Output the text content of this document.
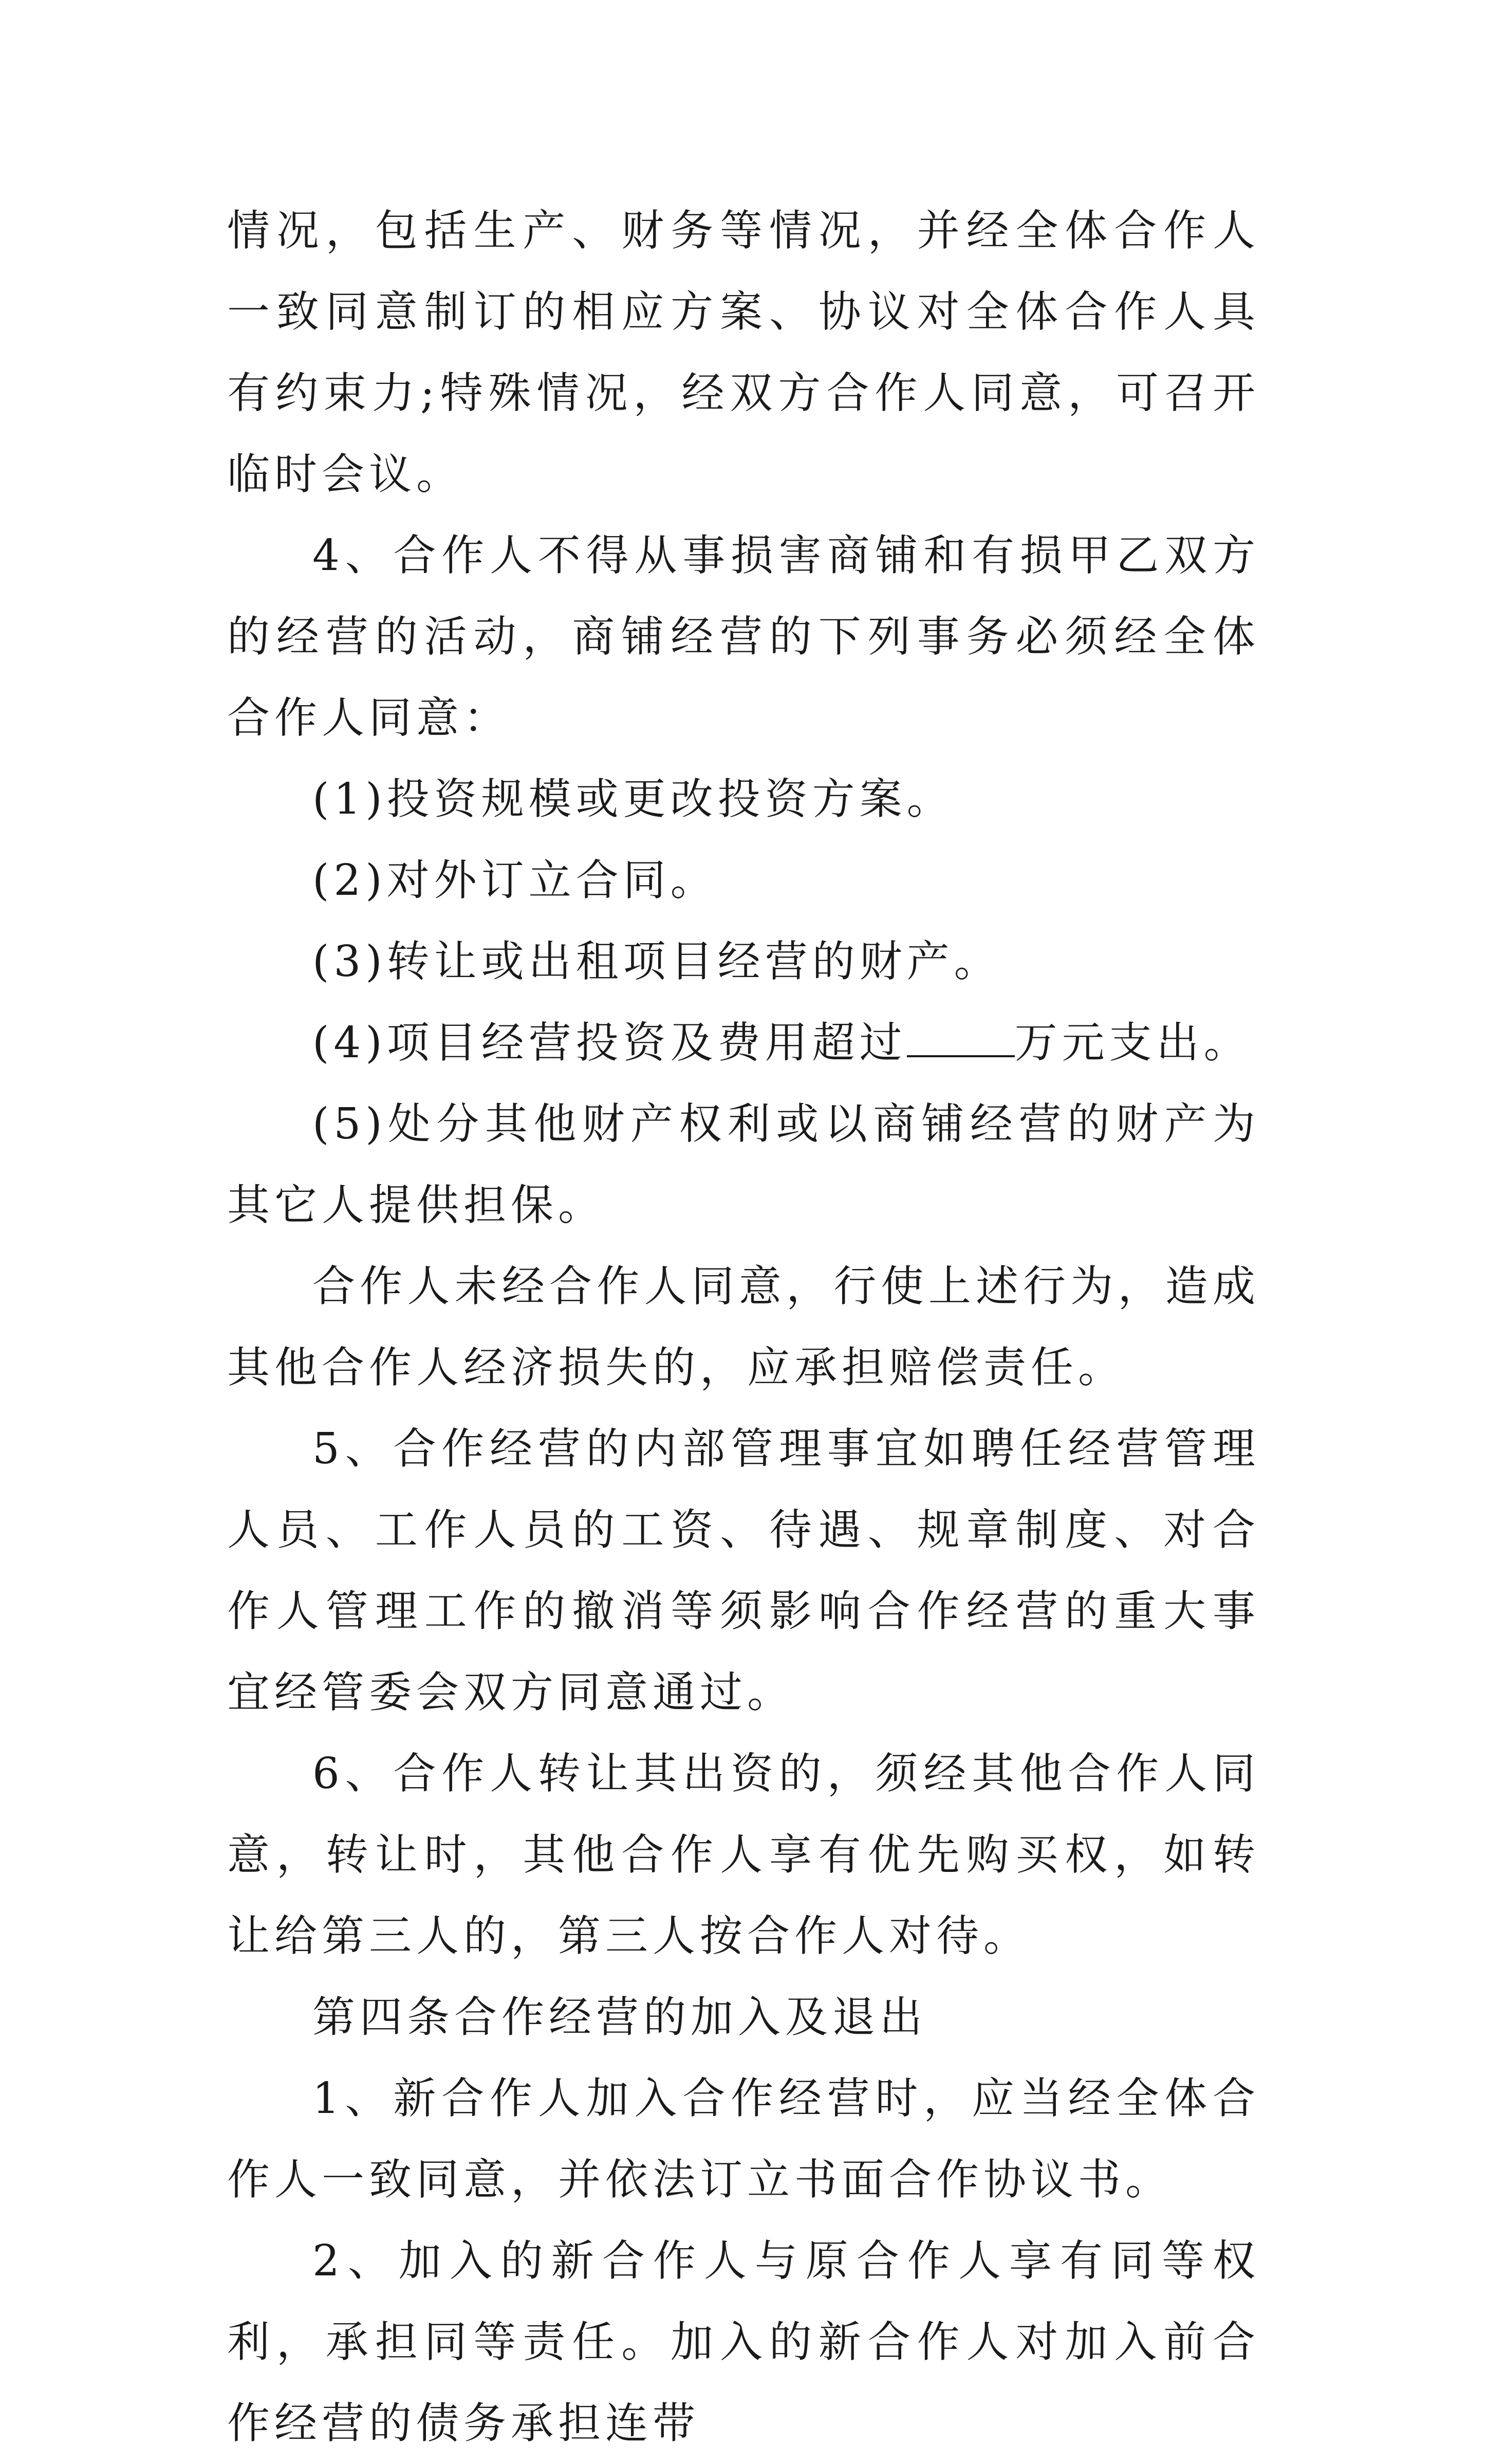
情况，包括生产、财务等情况，并经全体合作人一致同意制订的相应方案、协议对全体合作人具有约束力;特殊情况，经双方合作人同意，可召开临时会议。

4、合作人不得从事损害商铺和有损甲乙双方的经营的活动，商铺经营的下列事务必须经全体合作人同意：

(1)投资规模或更改投资方案。

(2)对外订立合同。

(3)转让或出租项目经营的财产。

(4)项目经营投资及费用超过	万元支出。

(5)处分其他财产权利或以商铺经营的财产为其它人提供担保。

合作人未经合作人同意，行使上述行为，造成其他合作人经济损失的，应承担赔偿责任。

5、合作经营的内部管理事宜如聘任经营管理人员、工作人员的工资、待遇、规章制度、对合作人管理工作的撤消等须影响合作经营的重大事宜经管委会双方同意通过。

6、合作人转让其出资的，须经其他合作人同意，转让时，其他合作人享有优先购买权，如转让给第三人的，第三人按合作人对待。

第四条合作经营的加入及退出

1、新合作人加入合作经营时，应当经全体合作人一致同意，并依法订立书面合作协议书。

2、加入的新合作人与原合作人享有同等权利，承担同等责任。加入的新合作人对加入前合作经营的债务承担连带
